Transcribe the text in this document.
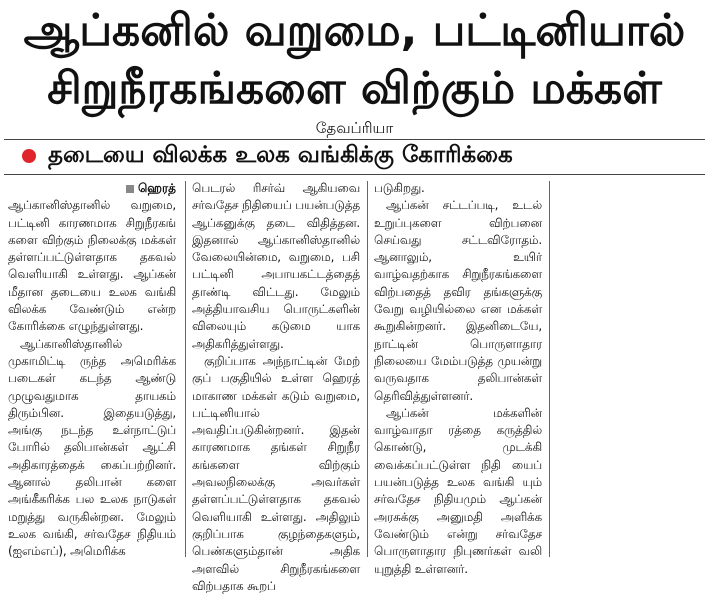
ஆப்கனில் வறுமை, பட்டினியால்
சிறுநீரகங்களை விற்கும் மக்கள்
தேவப்ரியா
தடையை விலக்க உலக வங்கிக்கு கோரிக்கை
ஹெரத்

ஆப்கானிஸ்தானில் வறுமை, பட்டினி காரணமாக சிறுநீரகங் களை விற்கும் நிலைக்கு மக்கள் தள்ளப்பட்டுள்ளதாக தகவல் வெளியாகி உள்ளது. ஆப்கன் மீதான தடையை உலக வங்கி விலக்க வேண்டும் என்ற கோரிக்கை எழுந்துள்ளது.

ஆப்கானிஸ்தானில் முகாமிட்டி ருந்த அமெரிக்க படைகள் கடந்த ஆண்டு முழுவதுமாக தாயகம் திரும்பின. இதையடுத்து, அங்கு நடந்த உள்நாட்டுப் போரில் தலிபான்கள் ஆட்சி அதிகாரத்தைக் கைப்பற்றினர். ஆனால் தலிபான் களை அங்கீகரிக்க பல உலக நாடுகள் மறுத்து வருகின்றன. மேலும் உலக வங்கி, சர்வதேச நிதியம் (ஐஎம்எப்), அமெரிக்க

பெடரல் ரிசர்வ் ஆகியவை சர்வதேச நிதியைப் பயன்படுத்த ஆப்கனுக்கு தடை விதித்தன. இதனால் ஆப்கானிஸ்தானில் வேலையின்மை, வறுமை, பசி பட்டினி அபாயகட்டத்தைத் தாண்டி விட்டது. மேலும் அத்தியாவசிய பொருட்களின் விலையும் கடுமை யாக அதிகரித்துள்ளது.

குறிப்பாக அந்நாட்டின் மேற் குப் பகுதியில் உள்ள ஹெரத் மாகாண மக்கள் கடும் வறுமை, பட்டினியால் அவதிப்படுகின்றனர். இதன் காரணமாக தங்கள் சிறுநீர கங்களை விற்கும் அவலநிலைக்கு அவர்கள் தள்ளப்பட்டுள்ளதாக தகவல் வெளியாகி உள்ளது. அதிலும் குறிப்பாக குழந்தைகளும், பெண்களும்தான் அதிக அளவில் சிறுநீரகங்களை விற்பதாக கூறப்

படுகிறது.

ஆப்கன் சட்டப்படி, உடல் உறுப்புகளை விற்பனை செய்வது சட்டவிரோதம். ஆனாலும், உயிர் வாழ்வதற்காக சிறுநீரகங்களை விற்பதைத் தவிர தங்களுக்கு வேறு வழியில்லை என மக்கள் கூறுகின்றனர். இதனிடையே, நாட்டின் பொருளாதார நிலையை மேம்படுத்த முயன்று வருவதாக தலிபான்கள் தெரிவித்துள்ளனர்.

ஆப்கன் மக்களின் வாழ்வாதா ரத்தை கருத்தில் கொண்டு, முடக்கி வைக்கப்பட்டுள்ள நிதி யைப் பயன்படுத்த உலக வங்கி யும் சர்வதேச நிதியமும் ஆப்கன் அரசுக்கு அனுமதி அளிக்க வேண்டும் என்று சர்வதேச பொருளாதார நிபுணர்கள் வலி யுறுத்தி உள்ளனர்.
